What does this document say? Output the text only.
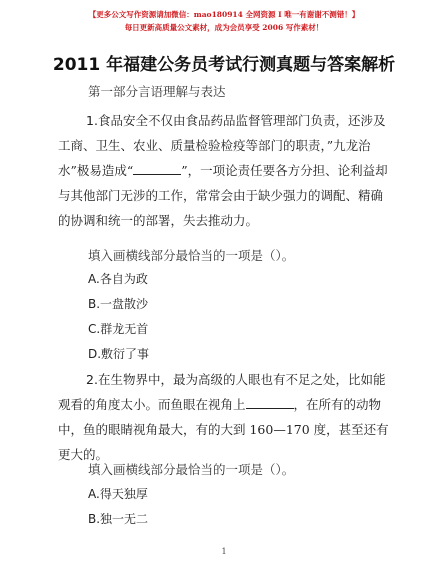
【更多公文写作资源请加微信：mao180914 全网资源 I 唯一有谢谢不测错！】
每日更新高质量公文素材，成为会员享受 2006 写作素材！
2011 年福建公务员考试行测真题与答案解析
第一部分言语理解与表达
1.食品安全不仅由食品药品监督管理部门负责，还涉及工商、卫生、农业、质量检验检疫等部门的职责，”九龙治水”极易造成“	”，一项论责任要各方分担、论利益却与其他部门无涉的工作，常常会由于缺少强力的调配、精确的协调和统一的部署，失去推动力。
填入画横线部分最恰当的一项是（）。
A.各自为政
B.一盘散沙
C.群龙无首
D.敷衍了事
2.在生物界中，最为高级的人眼也有不足之处，比如能观看的角度太小。而鱼眼在视角上	，在所有的动物中，鱼的眼睛视角最大，有的大到 160—170 度，甚至还有更大的。
填入画横线部分最恰当的一项是（）。
A.得天独厚
B.独一无二
1
